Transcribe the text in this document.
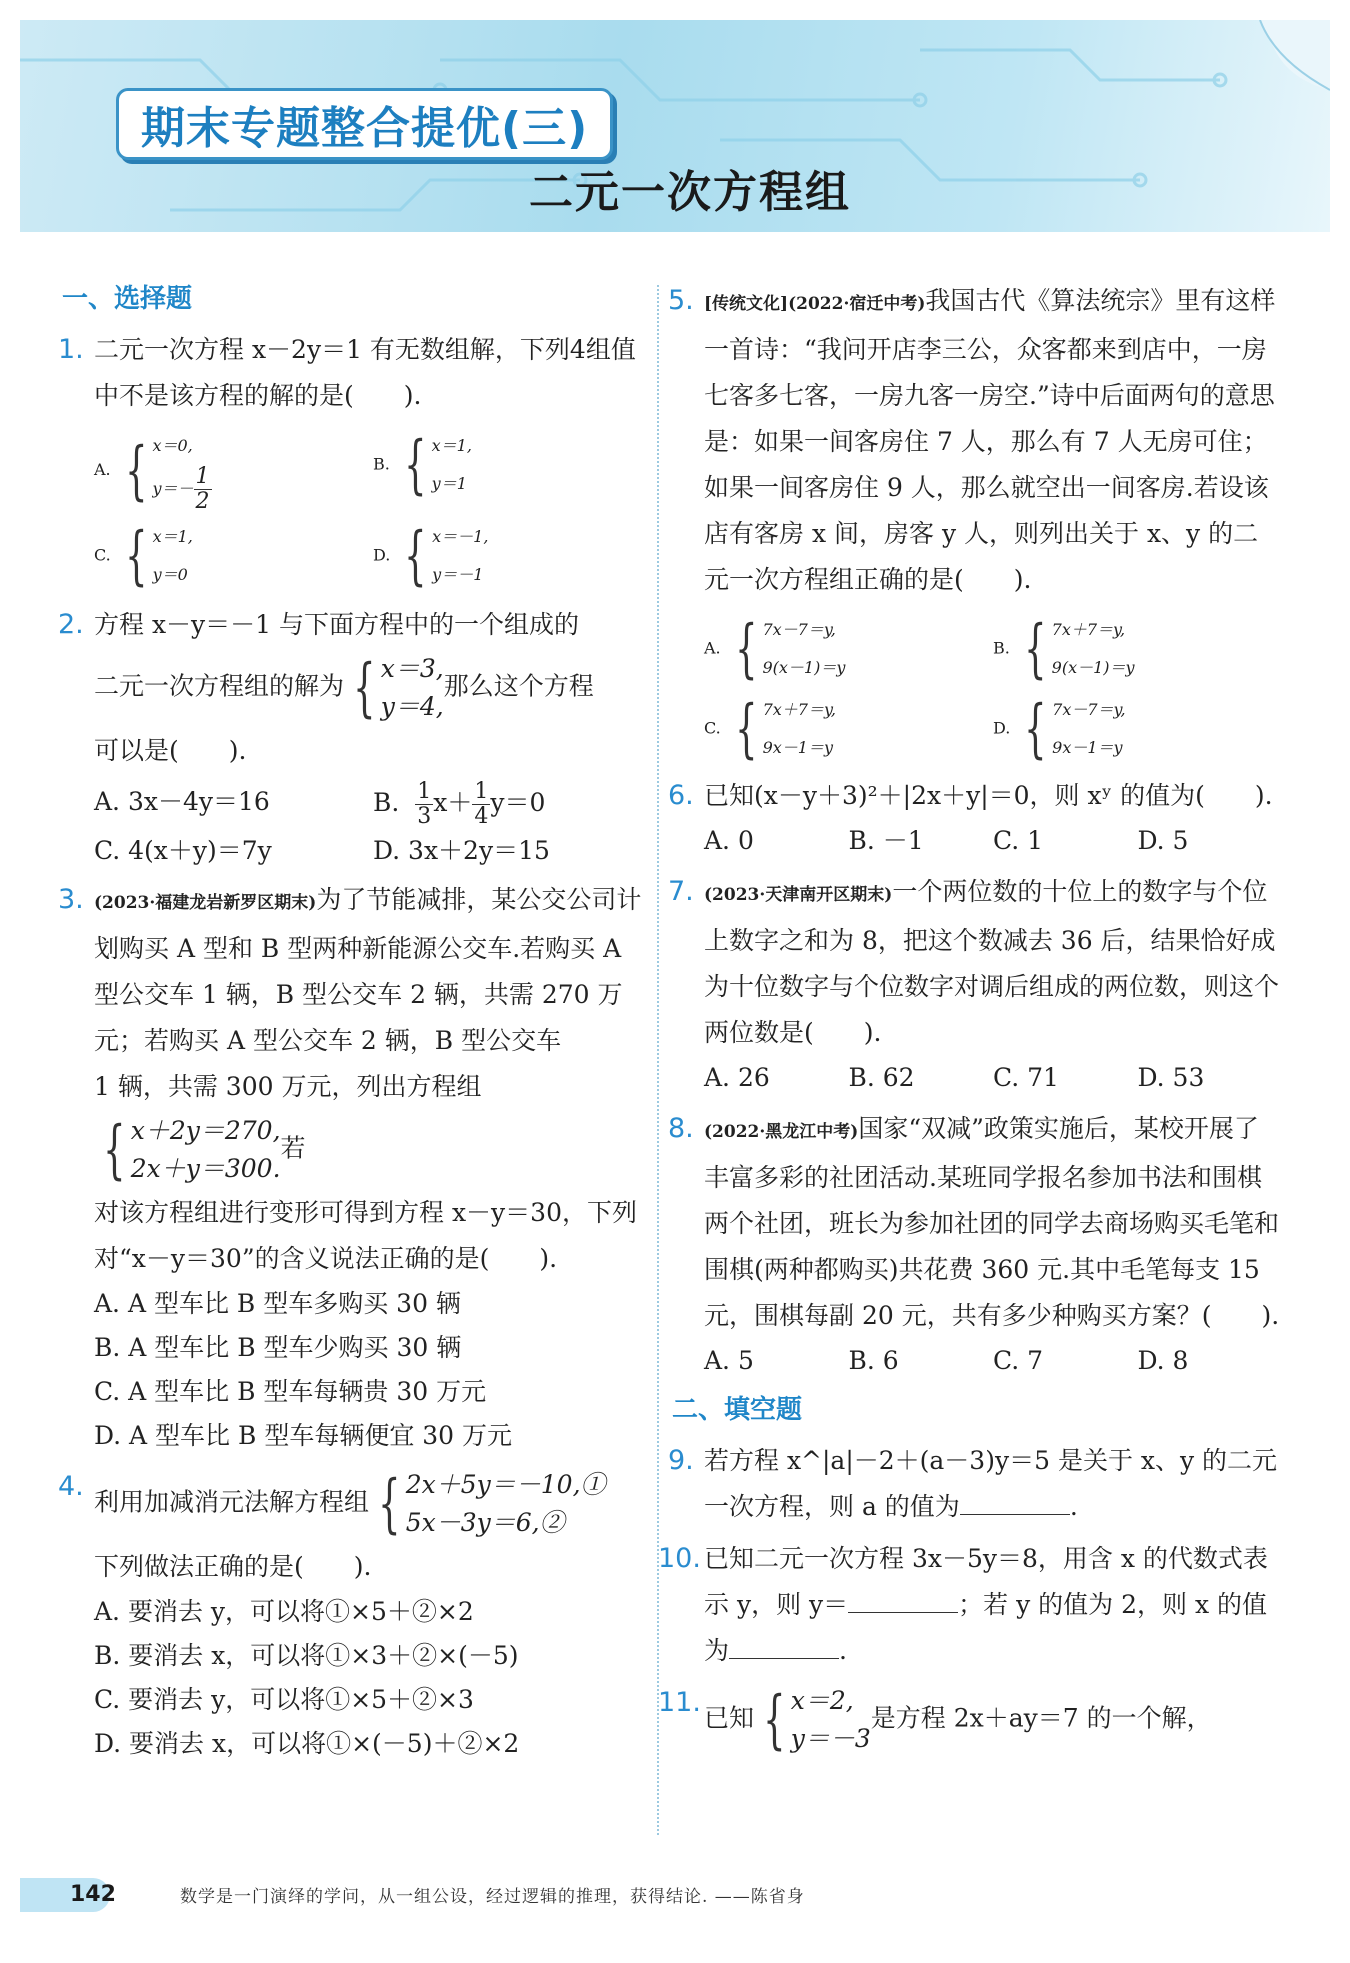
期末专题整合提优(三)
二元一次方程组
一、选择题
1. 二元一次方程 x－2y＝1 有无数组解，下列4组值中不是该方程的解的是(　　).
A. { x＝0,
$y=- \frac{1}{2}$
B. { x＝1,
y＝1
C. { x＝1,
y＝0
D. { x＝－1,
y＝－1
2. 方程 x－y＝－1 与下面方程中的一个组成的
二元一次方程组的解为 { x＝3,
y＝4,
那么这个方程
可以是(　　).
A. 3x－4y＝16	B. $\frac{1}{3} x+ \frac{1}{4} y=0$
C. 4(x＋y)＝7y	D. 3x＋2y＝15
3. (2023·福建龙岩新罗区期末)为了节能减排，某公交公司计划购买 A 型和 B 型两种新能源公交车.若购买 A 型公交车 1 辆，B 型公交车 2 辆，共需 270 万元；若购买 A 型公交车 2 辆，B 型公交车
1 辆，共需 300 万元，列出方程组
{ x＋2y＝270,
2x＋y＝300.
若
对该方程组进行变形可得到方程 x－y＝30，下列对“x－y＝30”的含义说法正确的是(　　).
A. A 型车比 B 型车多购买 30 辆
B. A 型车比 B 型车少购买 30 辆
C. A 型车比 B 型车每辆贵 30 万元
D. A 型车比 B 型车每辆便宜 30 万元
4. 利用加减消元法解方程组 { 2x＋5y＝－10,①
5x－3y＝6,②
下列做法正确的是(　　).
A. 要消去 y，可以将①×5＋②×2
B. 要消去 x，可以将①×3＋②×(－5)
C. 要消去 y，可以将①×5＋②×3
D. 要消去 x，可以将①×(－5)＋②×2
5. [传统文化](2022·宿迁中考)我国古代《算法统宗》里有这样一首诗：“我问开店李三公，众客都来到店中，一房七客多七客，一房九客一房空.”诗中后面两句的意思是：如果一间客房住 7 人，那么有 7 人无房可住；如果一间客房住 9 人，那么就空出一间客房.若设该店有客房 x 间，房客 y 人，则列出关于 x、y 的二元一次方程组正确的是(　　).
A. { 7x－7＝y,
9(x－1)＝y
B. { 7x＋7＝y,
9(x－1)＝y
C. { 7x＋7＝y,
9x－1＝y
D. { 7x－7＝y,
9x－1＝y
6. 已知(x－y＋3)²＋|2x＋y|＝0，则 xʸ 的值为(　　).
A. 0	B. －1	C. 1	D. 5
7. (2023·天津南开区期末)一个两位数的十位上的数字与个位上数字之和为 8，把这个数减去 36 后，结果恰好成为十位数字与个位数字对调后组成的两位数，则这个两位数是(　　).
A. 26	B. 62	C. 71	D. 53
8. (2022·黑龙江中考)国家“双减”政策实施后，某校开展了丰富多彩的社团活动.某班同学报名参加书法和围棋两个社团，班长为参加社团的同学去商场购买毛笔和围棋(两种都购买)共花费 360 元.其中毛笔每支 15 元，围棋每副 20 元，共有多少种购买方案？(　　).
A. 5	B. 6	C. 7	D. 8
二、填空题
9. 若方程 x^|a|－2＋(a－3)y＝5 是关于 x、y 的二元一次方程，则 a 的值为	.
10. 已知二元一次方程 3x－5y＝8，用含 x 的代数式表示 y，则 y＝	；若 y 的值为 2，则 x 的值为	.
11. 已知 { x＝2,
y＝－3
是方程 2x＋ay＝7 的一个解，
142	数学是一门演绎的学问，从一组公设，经过逻辑的推理，获得结论. ——陈省身
